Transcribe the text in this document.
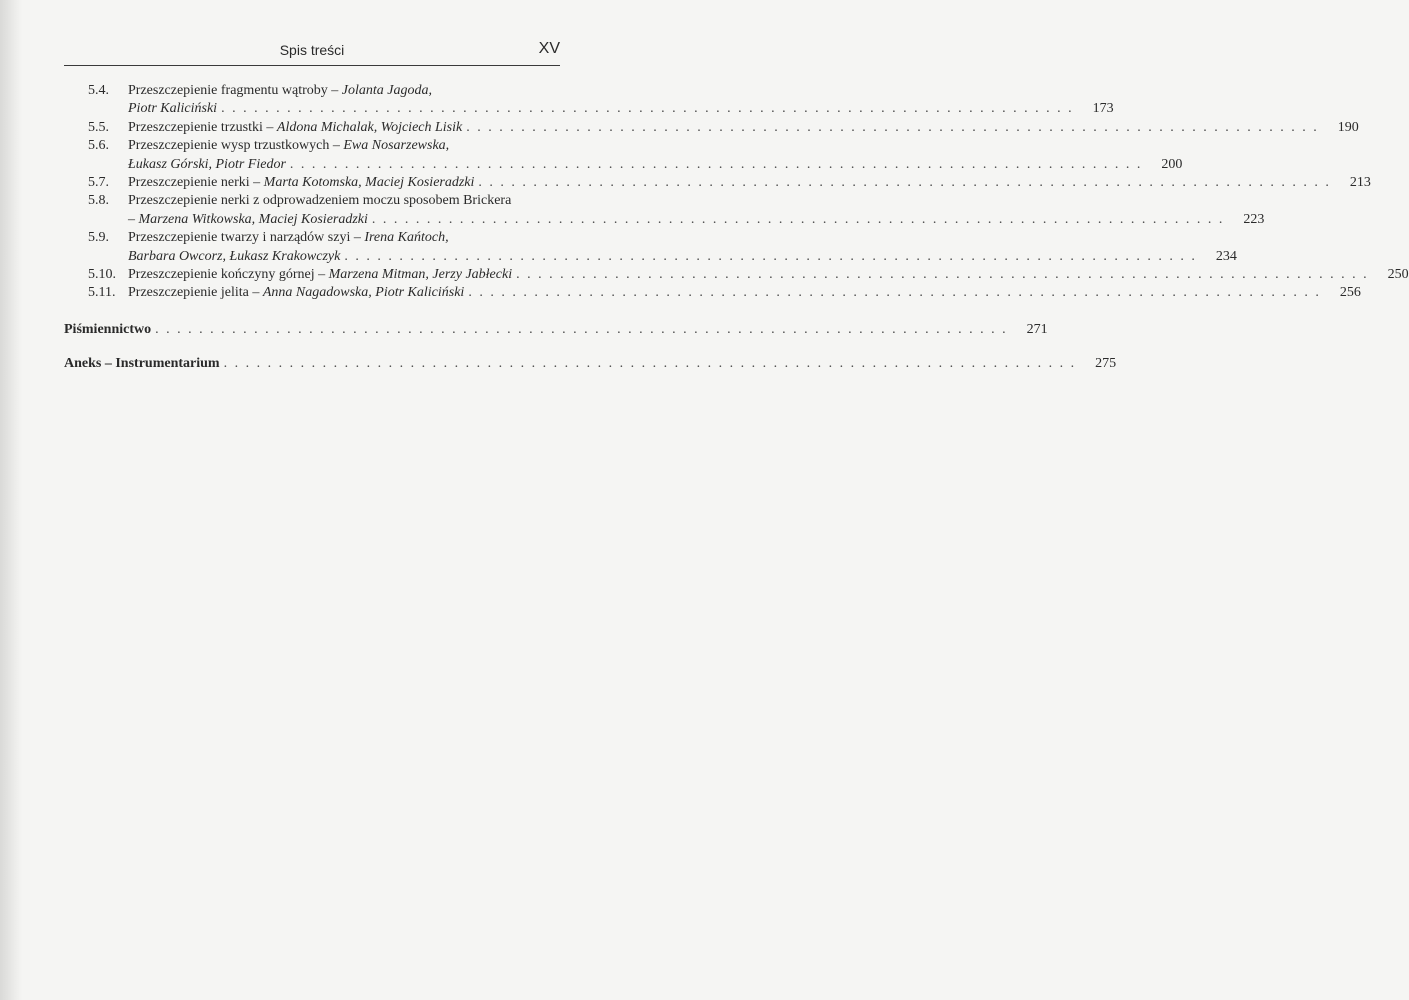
Spis treści	XV
5.4. Przeszczepienie fragmentu wątroby – Jolanta Jagoda,
Piotr Kaliciński . . . . . . . . . . . . . . . . . . . . . . . . . . . . . . . . . . . . . . . . . . . . . . . . . . . . . . . . . . . . . . . . . . . . . . . . . . . . . .	173
5.5. Przeszczepienie trzustki – Aldona Michalak, Wojciech Lisik . . . . . . . . . . . . . . . . . . . . . . . . . . . . . . . . . . . . . . . . . . . . . . . . . . . . . . . . . . . . . . . . . . . . . . . . . . . . . .	190
5.6. Przeszczepienie wysp trzustkowych – Ewa Nosarzewska,
Łukasz Górski, Piotr Fiedor . . . . . . . . . . . . . . . . . . . . . . . . . . . . . . . . . . . . . . . . . . . . . . . . . . . . . . . . . . . . . . . . . . . . . . . . . . . . . .	200
5.7. Przeszczepienie nerki – Marta Kotomska, Maciej Kosieradzki . . . . . . . . . . . . . . . . . . . . . . . . . . . . . . . . . . . . . . . . . . . . . . . . . . . . . . . . . . . . . . . . . . . . . . . . . . . . . .	213
5.8. Przeszczepienie nerki z odprowadzeniem moczu sposobem Brickera
– Marzena Witkowska, Maciej Kosieradzki . . . . . . . . . . . . . . . . . . . . . . . . . . . . . . . . . . . . . . . . . . . . . . . . . . . . . . . . . . . . . . . . . . . . . . . . . . . . . .	223
5.9. Przeszczepienie twarzy i narządów szyi – Irena Kańtoch,
Barbara Owcorz, Łukasz Krakowczyk . . . . . . . . . . . . . . . . . . . . . . . . . . . . . . . . . . . . . . . . . . . . . . . . . . . . . . . . . . . . . . . . . . . . . . . . . . . . . .	234
5.10. Przeszczepienie kończyny górnej – Marzena Mitman, Jerzy Jabłecki . . . . . . . . . . . . . . . . . . . . . . . . . . . . . . . . . . . . . . . . . . . . . . . . . . . . . . . . . . . . . . . . . . . . . . . . . . . . . .	250
5.11. Przeszczepienie jelita – Anna Nagadowska, Piotr Kaliciński . . . . . . . . . . . . . . . . . . . . . . . . . . . . . . . . . . . . . . . . . . . . . . . . . . . . . . . . . . . . . . . . . . . . . . . . . . . . . .	256
Piśmiennictwo . . . . . . . . . . . . . . . . . . . . . . . . . . . . . . . . . . . . . . . . . . . . . . . . . . . . . . . . . . . . . . . . . . . . . . . . . . . . . .	271
Aneks – Instrumentarium . . . . . . . . . . . . . . . . . . . . . . . . . . . . . . . . . . . . . . . . . . . . . . . . . . . . . . . . . . . . . . . . . . . . . . . . . . . . . .	275
